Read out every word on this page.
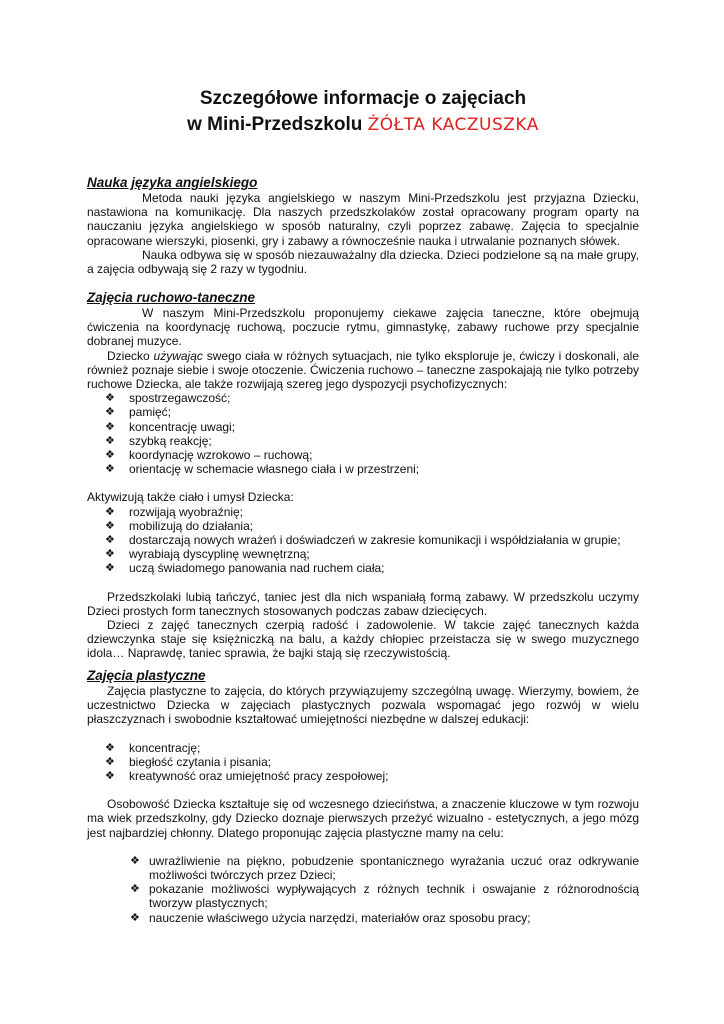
Szczegółowe informacje o zajęciach
w Mini-Przedszkolu ŻÓŁTA KACZUSZKA
Nauka języka angielskiego

Metoda nauki języka angielskiego w naszym Mini-Przedszkolu jest przyjazna Dziecku, nastawiona na komunikację. Dla naszych przedszkolaków został opracowany program oparty na nauczaniu języka angielskiego w sposób naturalny, czyli poprzez zabawę. Zajęcia to specjalnie opracowane wierszyki, piosenki, gry i zabawy a równocześnie nauka i utrwalanie poznanych słówek.

Nauka odbywa się w sposób niezauważalny dla dziecka. Dzieci podzielone są na małe grupy, a zajęcia odbywają się 2 razy w tygodniu.

Zajęcia ruchowo-taneczne

W naszym Mini-Przedszkolu proponujemy ciekawe zajęcia taneczne, które obejmują ćwiczenia na koordynację ruchową, poczucie rytmu, gimnastykę, zabawy ruchowe przy specjalnie dobranej muzyce.

Dziecko używając swego ciała w różnych sytuacjach, nie tylko eksploruje je, ćwiczy i doskonali, ale również poznaje siebie i swoje otoczenie. Ćwiczenia ruchowo – taneczne zaspokajają nie tylko potrzeby ruchowe Dziecka, ale także rozwijają szereg jego dyspozycji psychofizycznych:

❖ spostrzegawczość;
❖ pamięć;
❖ koncentrację uwagi;
❖ szybką reakcję;
❖ koordynację wzrokowo – ruchową;
❖ orientację w schemacie własnego ciała i w przestrzeni;

Aktywizują także ciało i umysł Dziecka:

❖ rozwijają wyobraźnię;
❖ mobilizują do działania;
❖ dostarczają nowych wrażeń i doświadczeń w zakresie komunikacji i współdziałania w grupie;
❖ wyrabiają dyscyplinę wewnętrzną;
❖ uczą świadomego panowania nad ruchem ciała;

Przedszkolaki lubią tańczyć, taniec jest dla nich wspaniałą formą zabawy. W przedszkolu uczymy Dzieci prostych form tanecznych stosowanych podczas zabaw dziecięcych.

Dzieci z zajęć tanecznych czerpią radość i zadowolenie. W takcie zajęć tanecznych każda dziewczynka staje się księżniczką na balu, a każdy chłopiec przeistacza się w swego muzycznego idola… Naprawdę, taniec sprawia, że bajki stają się rzeczywistością.

Zajęcia plastyczne

Zajęcia plastyczne to zajęcia, do których przywiązujemy szczególną uwagę. Wierzymy, bowiem, że uczestnictwo Dziecka w zajęciach plastycznych pozwala wspomagać jego rozwój w wielu płaszczyznach i swobodnie kształtować umiejętności niezbędne w dalszej edukacji:

❖ koncentrację;
❖ biegłość czytania i pisania;
❖ kreatywność oraz umiejętność pracy zespołowej;

Osobowość Dziecka kształtuje się od wczesnego dzieciństwa, a znaczenie kluczowe w tym rozwoju ma wiek przedszkolny, gdy Dziecko doznaje pierwszych przeżyć wizualno - estetycznych, a jego mózg jest najbardziej chłonny. Dlatego proponując zajęcia plastyczne mamy na celu:

❖ uwrażliwienie na piękno, pobudzenie spontanicznego wyrażania uczuć oraz odkrywanie możliwości twórczych przez Dzieci;
❖ pokazanie możliwości wypływających z różnych technik i oswajanie z różnorodnością tworzyw plastycznych;
❖ nauczenie właściwego użycia narzędzi, materiałów oraz sposobu pracy;
